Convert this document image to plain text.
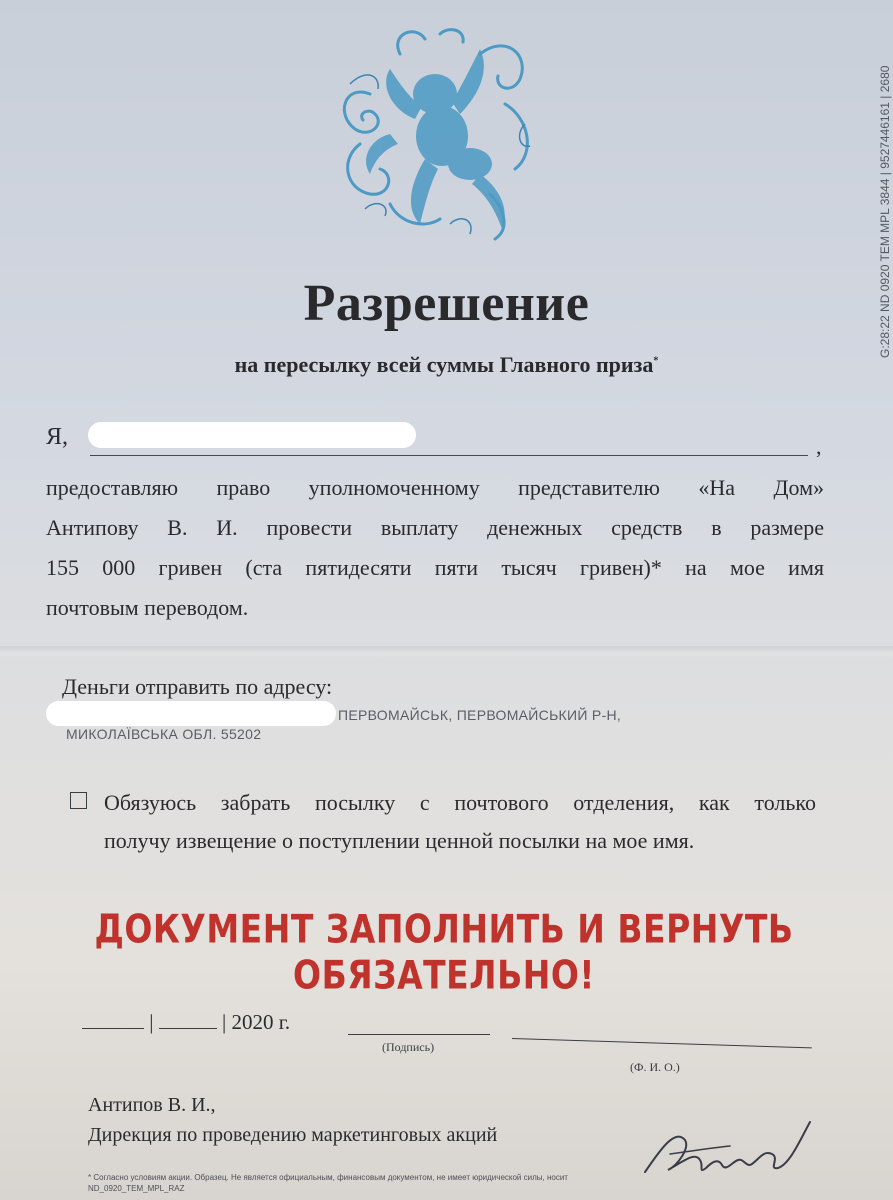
G:28:22 ND 0920 TEM MPL 3844 | 9527446161 | 2680
Разрешение
на пересылку всей суммы Главного приза*
Я,	,
предоставляю право уполномоченному представителю «На Дом»
Антипову В. И. провести выплату денежных средств в размере
155 000 гривен (ста пятидесяти пяти тысяч гривен)* на мое имя
почтовым переводом.
Деньги отправить по адресу:
ПЕРВОМАЙСЬК, ПЕРВОМАЙСЬКИЙ Р-Н,
МИКОЛАЇВСЬКА ОБЛ. 55202
Обязуюсь забрать посылку с почтового отделения, как только
получу извещение о поступлении ценной посылки на мое имя.
ДОКУМЕНТ ЗАПОЛНИТЬ И ВЕРНУТЬ ОБЯЗАТЕЛЬНО!
|	| 2020 г.
(Подпись)
(Ф. И. О.)
Антипов В. И.,
Дирекция по проведению маркетинговых акций
* Согласно условиям акции. Образец. Не является официальным, финансовым документом, не имеет юридической силы, носит
ND_0920_TEM_MPL_RAZ
